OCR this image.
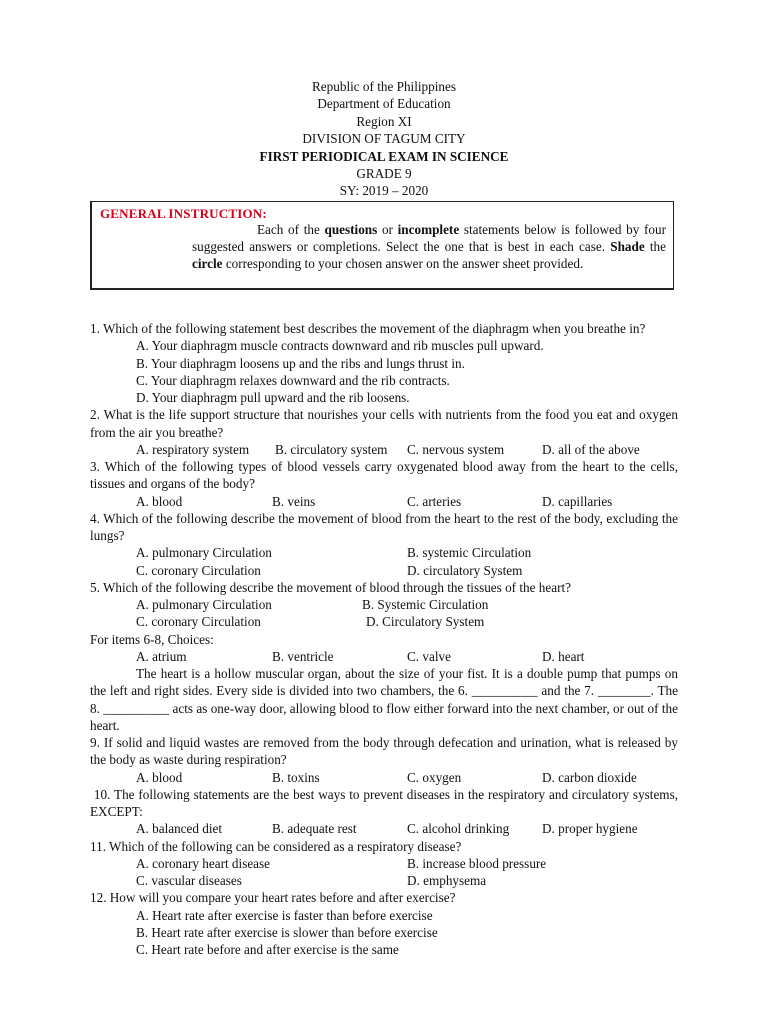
Republic of the Philippines
Department of Education
Region XI
DIVISION OF TAGUM CITY
FIRST PERIODICAL EXAM IN SCIENCE
GRADE 9
SY: 2019 – 2020
GENERAL INSTRUCTION:
Each of the questions or incomplete statements below is followed by four suggested answers or completions. Select the one that is best in each case. Shade the circle corresponding to your chosen answer on the answer sheet provided.
1. Which of the following statement best describes the movement of the diaphragm when you breathe in?
A. Your diaphragm muscle contracts downward and rib muscles pull upward.
B. Your diaphragm loosens up and the ribs and lungs thrust in.
C. Your diaphragm relaxes downward and the rib contracts.
D. Your diaphragm pull upward and the rib loosens.
2. What is the life support structure that nourishes your cells with nutrients from the food you eat and oxygen from the air you breathe?
A. respiratory system B. circulatory system C. nervous system	D. all of the above
3. Which of the following types of blood vessels carry oxygenated blood away from the heart to the cells, tissues and organs of the body?
A. blood	B. veins	C. arteries	D. capillaries
4. Which of the following describe the movement of blood from the heart to the rest of the body, excluding the lungs?
A. pulmonary Circulation	B. systemic Circulation
C. coronary Circulation	D. circulatory System
5. Which of the following describe the movement of blood through the tissues of the heart?
A. pulmonary Circulation	B. Systemic Circulation
C. coronary Circulation	D. Circulatory System
For items 6-8, Choices:
A. atrium	B. ventricle	C. valve	D. heart
The heart is a hollow muscular organ, about the size of your fist. It is a double pump that pumps on the left and right sides. Every side is divided into two chambers, the 6. __________ and the 7. ________. The 8. __________ acts as one-way door, allowing blood to flow either forward into the next chamber, or out of the heart.
9. If solid and liquid wastes are removed from the body through defecation and urination, what is released by the body as waste during respiration?
A. blood	B. toxins	C. oxygen	D. carbon dioxide
10. The following statements are the best ways to prevent diseases in the respiratory and circulatory systems, EXCEPT:
A. balanced diet	B. adequate rest	C. alcohol drinking D. proper hygiene
11. Which of the following can be considered as a respiratory disease?
A. coronary heart disease	B. increase blood pressure
C. vascular diseases	D. emphysema
12. How will you compare your heart rates before and after exercise?
A. Heart rate after exercise is faster than before exercise
B. Heart rate after exercise is slower than before exercise
C. Heart rate before and after exercise is the same
